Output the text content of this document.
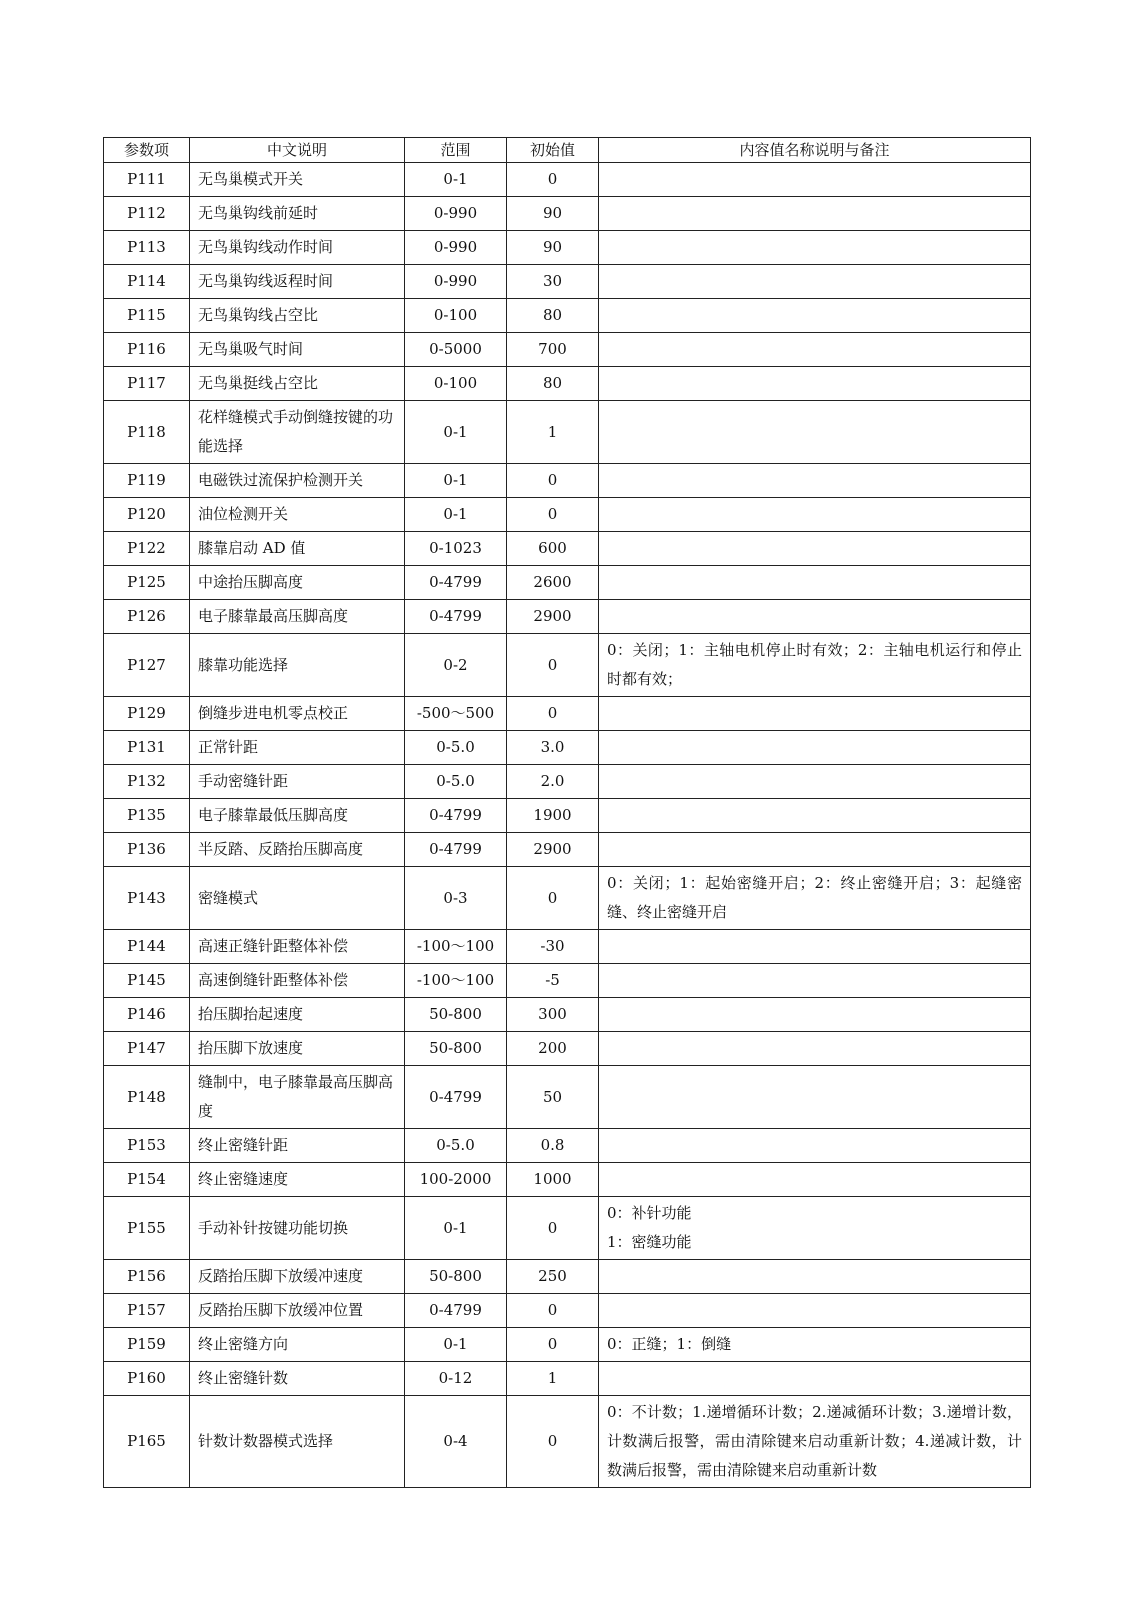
参数项	中文说明	范围	初始值	内容值名称说明与备注
P111	无鸟巢模式开关	0-1	0	
P112	无鸟巢钩线前延时	0-990	90	
P113	无鸟巢钩线动作时间	0-990	90	
P114	无鸟巢钩线返程时间	0-990	30	
P115	无鸟巢钩线占空比	0-100	80	
P116	无鸟巢吸气时间	0-5000	700	
P117	无鸟巢挺线占空比	0-100	80	
P118	花样缝模式手动倒缝按键的功能选择	0-1	1	
P119	电磁铁过流保护检测开关	0-1	0	
P120	油位检测开关	0-1	0	
P122	膝靠启动 AD 值	0-1023	600	
P125	中途抬压脚高度	0-4799	2600	
P126	电子膝靠最高压脚高度	0-4799	2900	
P127	膝靠功能选择	0-2	0	0：关闭；1：主轴电机停止时有效；2：主轴电机运行和停止时都有效；
P129	倒缝步进电机零点校正	-500～500	0	
P131	正常针距	0-5.0	3.0	
P132	手动密缝针距	0-5.0	2.0	
P135	电子膝靠最低压脚高度	0-4799	1900	
P136	半反踏、反踏抬压脚高度	0-4799	2900	
P143	密缝模式	0-3	0	0：关闭；1：起始密缝开启；2：终止密缝开启；3：起缝密缝、终止密缝开启
P144	高速正缝针距整体补偿	-100～100	-30	
P145	高速倒缝针距整体补偿	-100～100	-5	
P146	抬压脚抬起速度	50-800	300	
P147	抬压脚下放速度	50-800	200	
P148	缝制中，电子膝靠最高压脚高度	0-4799	50	
P153	终止密缝针距	0-5.0	0.8	
P154	终止密缝速度	100-2000	1000	
P155	手动补针按键功能切换	0-1	0	0：补针功能
1：密缝功能
P156	反踏抬压脚下放缓冲速度	50-800	250	
P157	反踏抬压脚下放缓冲位置	0-4799	0	
P159	终止密缝方向	0-1	0	0：正缝；1：倒缝
P160	终止密缝针数	0-12	1	
P165	针数计数器模式选择	0-4	0	0：不计数；1.递增循环计数；2.递减循环计数；3.递增计数，计数满后报警，需由清除键来启动重新计数；4.递减计数，计数满后报警，需由清除键来启动重新计数
